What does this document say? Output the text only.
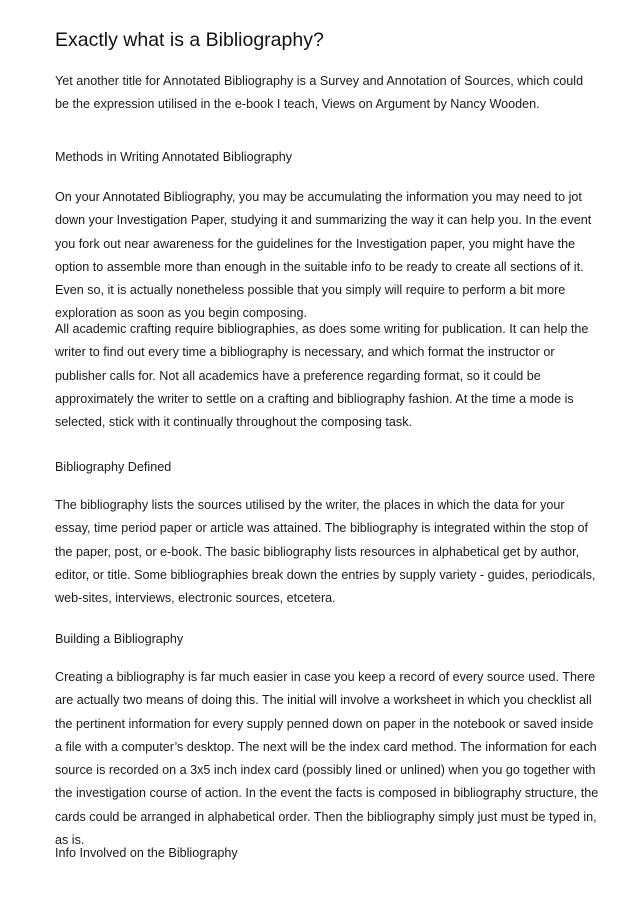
Exactly what is a Bibliography?

Yet another title for Annotated Bibliography is a Survey and Annotation of Sources, which could be the expression utilised in the e-book I teach, Views on Argument by Nancy Wooden.

Methods in Writing Annotated Bibliography

On your Annotated Bibliography, you may be accumulating the information you may need to jot down your Investigation Paper, studying it and summarizing the way it can help you. In the event you fork out near awareness for the guidelines for the Investigation paper, you might have the option to assemble more than enough in the suitable info to be ready to create all sections of it. Even so, it is actually nonetheless possible that you simply will require to perform a bit more exploration as soon as you begin composing.

All academic crafting require bibliographies, as does some writing for publication. It can help the writer to find out every time a bibliography is necessary, and which format the instructor or publisher calls for. Not all academics have a preference regarding format, so it could be approximately the writer to settle on a crafting and bibliography fashion. At the time a mode is selected, stick with it continually throughout the composing task.

Bibliography Defined

The bibliography lists the sources utilised by the writer, the places in which the data for your essay, time period paper or article was attained. The bibliography is integrated within the stop of the paper, post, or e-book. The basic bibliography lists resources in alphabetical get by author, editor, or title. Some bibliographies break down the entries by supply variety - guides, periodicals, web-sites, interviews, electronic sources, etcetera.

Building a Bibliography

Creating a bibliography is far much easier in case you keep a record of every source used. There are actually two means of doing this. The initial will involve a worksheet in which you checklist all the pertinent information for every supply penned down on paper in the notebook or saved inside a file with a computer’s desktop. The next will be the index card method. The information for each source is recorded on a 3x5 inch index card (possibly lined or unlined) when you go together with the investigation course of action. In the event the facts is composed in bibliography structure, the cards could be arranged in alphabetical order. Then the bibliography simply just must be typed in, as is.

Info Involved on the Bibliography
